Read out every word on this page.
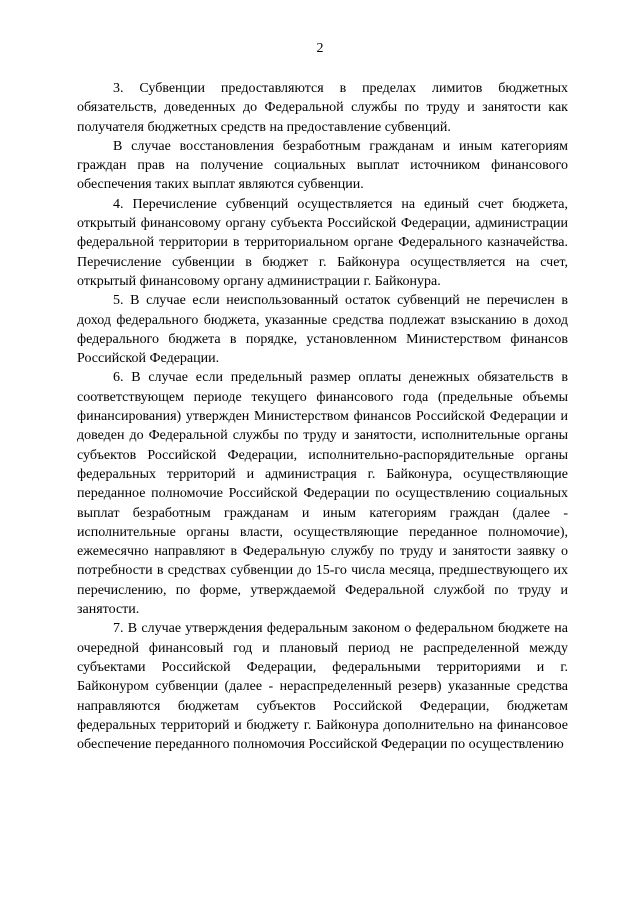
2

3. Субвенции предоставляются в пределах лимитов бюджетных обязательств, доведенных до Федеральной службы по труду и занятости как получателя бюджетных средств на предоставление субвенций.

В случае восстановления безработным гражданам и иным категориям граждан прав на получение социальных выплат источником финансового обеспечения таких выплат являются субвенции.

4. Перечисление субвенций осуществляется на единый счет бюджета, открытый финансовому органу субъекта Российской Федерации, администрации федеральной территории в территориальном органе Федерального казначейства. Перечисление субвенции в бюджет г. Байконура осуществляется на счет, открытый финансовому органу администрации г. Байконура.

5. В случае если неиспользованный остаток субвенций не перечислен в доход федерального бюджета, указанные средства подлежат взысканию в доход федерального бюджета в порядке, установленном Министерством финансов Российской Федерации.

6. В случае если предельный размер оплаты денежных обязательств в соответствующем периоде текущего финансового года (предельные объемы финансирования) утвержден Министерством финансов Российской Федерации и доведен до Федеральной службы по труду и занятости, исполнительные органы субъектов Российской Федерации, исполнительно-распорядительные органы федеральных территорий и администрация г. Байконура, осуществляющие переданное полномочие Российской Федерации по осуществлению социальных выплат безработным гражданам и иным категориям граждан (далее - исполнительные органы власти, осуществляющие переданное полномочие), ежемесячно направляют в Федеральную службу по труду и занятости заявку о потребности в средствах субвенции до 15-го числа месяца, предшествующего их перечислению, по форме, утверждаемой Федеральной службой по труду и занятости.

7. В случае утверждения федеральным законом о федеральном бюджете на очередной финансовый год и плановый период не распределенной между субъектами Российской Федерации, федеральными территориями и г. Байконуром субвенции (далее - нераспределенный резерв) указанные средства направляются бюджетам субъектов Российской Федерации, бюджетам федеральных территорий и бюджету г. Байконура дополнительно на финансовое обеспечение переданного полномочия Российской Федерации по осуществлению
